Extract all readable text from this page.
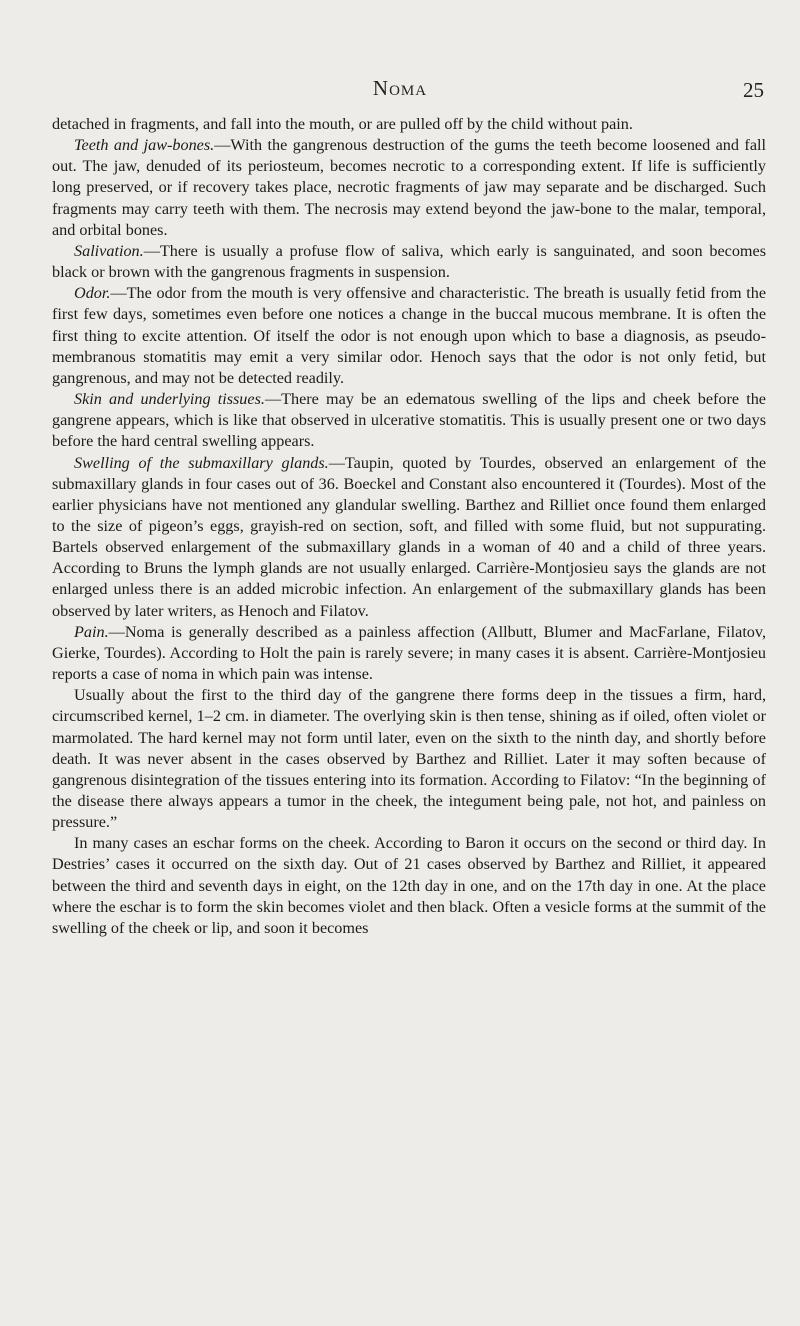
Noma	25

detached in fragments, and fall into the mouth, or are pulled off by the child without pain.

Teeth and jaw-bones.—With the gangrenous destruction of the gums the teeth become loosened and fall out. The jaw, denuded of its periosteum, becomes necrotic to a corresponding extent. If life is sufficiently long preserved, or if recovery takes place, necrotic fragments of jaw may separate and be discharged. Such fragments may carry teeth with them. The necrosis may extend beyond the jaw-bone to the malar, temporal, and orbital bones.

Salivation.—There is usually a profuse flow of saliva, which early is sanguinated, and soon becomes black or brown with the gangrenous fragments in suspension.

Odor.—The odor from the mouth is very offensive and characteristic. The breath is usually fetid from the first few days, sometimes even before one notices a change in the buccal mucous membrane. It is often the first thing to excite attention. Of itself the odor is not enough upon which to base a diagnosis, as pseudo-membranous stomatitis may emit a very similar odor. Henoch says that the odor is not only fetid, but gangrenous, and may not be detected readily.

Skin and underlying tissues.—There may be an edematous swelling of the lips and cheek before the gangrene appears, which is like that observed in ulcerative stomatitis. This is usually present one or two days before the hard central swelling appears.

Swelling of the submaxillary glands.—Taupin, quoted by Tourdes, observed an enlargement of the submaxillary glands in four cases out of 36. Boeckel and Constant also encountered it (Tourdes). Most of the earlier physicians have not mentioned any glandular swelling. Barthez and Rilliet once found them enlarged to the size of pigeon’s eggs, grayish-red on section, soft, and filled with some fluid, but not suppurating. Bartels observed enlargement of the submaxillary glands in a woman of 40 and a child of three years. According to Bruns the lymph glands are not usually enlarged. Carrière-Montjosieu says the glands are not enlarged unless there is an added microbic infection. An enlargement of the submaxillary glands has been observed by later writers, as Henoch and Filatov.

Pain.—Noma is generally described as a painless affection (Allbutt, Blumer and MacFarlane, Filatov, Gierke, Tourdes). According to Holt the pain is rarely severe; in many cases it is absent. Carrière-Montjosieu reports a case of noma in which pain was intense.

Usually about the first to the third day of the gangrene there forms deep in the tissues a firm, hard, circumscribed kernel, 1–2 cm. in diameter. The overlying skin is then tense, shining as if oiled, often violet or marmolated. The hard kernel may not form until later, even on the sixth to the ninth day, and shortly before death. It was never absent in the cases observed by Barthez and Rilliet. Later it may soften because of gangrenous disintegration of the tissues entering into its formation. According to Filatov: “In the beginning of the disease there always appears a tumor in the cheek, the integument being pale, not hot, and painless on pressure.”

In many cases an eschar forms on the cheek. According to Baron it occurs on the second or third day. In Destries’ cases it occurred on the sixth day. Out of 21 cases observed by Barthez and Rilliet, it appeared between the third and seventh days in eight, on the 12th day in one, and on the 17th day in one. At the place where the eschar is to form the skin becomes violet and then black. Often a vesicle forms at the summit of the swelling of the cheek or lip, and soon it becomes
